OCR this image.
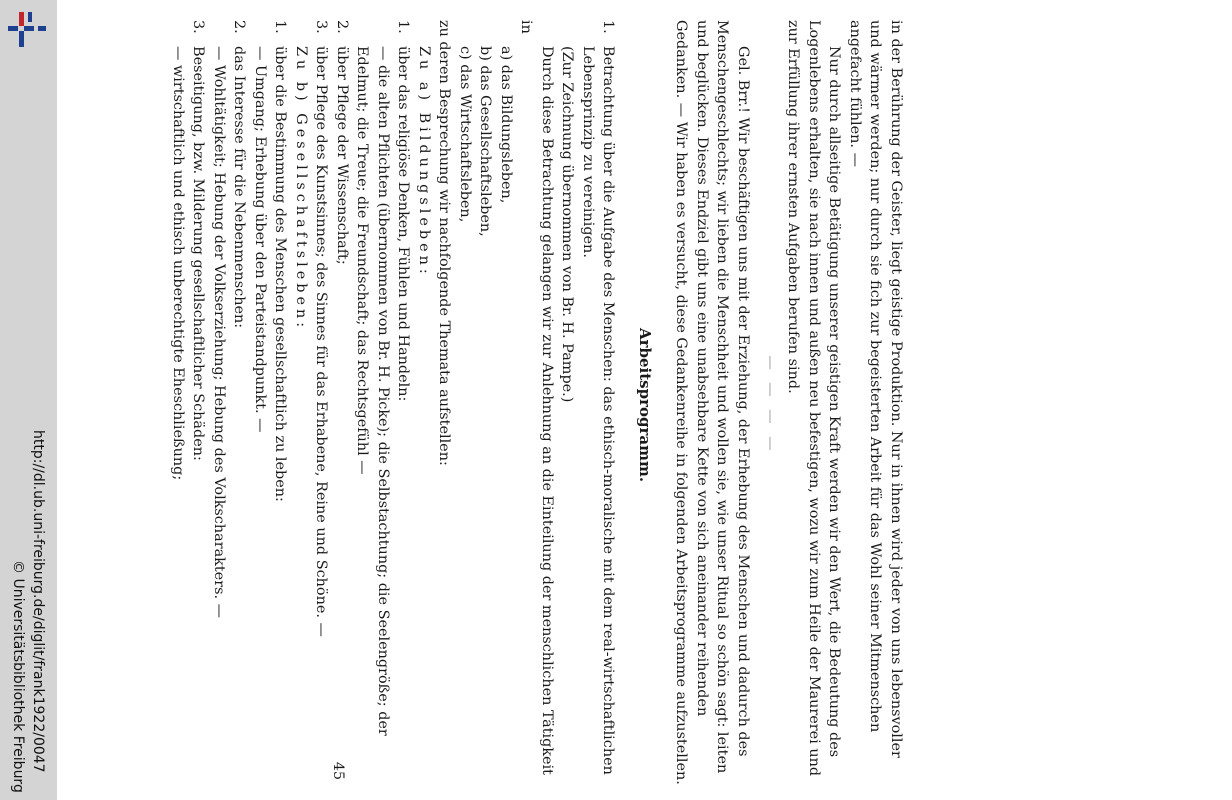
http://dl.ub.uni-freiburg.de/diglit/frank1922/0047
© Universitätsbibliothek Freiburg	in der Berührung der Geister, liegt geistige Produktion. Nur in ihnen wird jeder von uns lebensvoller und wärmer werden; nur durch sie fich zur begeisterten Arbeit für das Wohl seiner Mitmenschen angefacht fühlen. —

Nur durch allseitige Betätigung unserer geistigen Kraft werden wir den Wert, die Bedeutung des Logenlebens erhalten, sie nach innen und außen neu befestigen, wozu wir zum Heile der Maurerei und zur Erfüllung ihrer ernsten Aufgaben berufen sind.

— — — —

Gel. Brr.! Wir beschäftigen uns mit der Erziehung, der Erhebung des Menschen und dadurch des Menschengeschlechts; wir lieben die Menschheit und wollen sie, wie unser Ritual so schön sagt: leiten und beglücken. Dieses Endziel gibt uns eine unabsehbare Kette von sich aneinander reihenden Gedanken. — Wir haben es versucht, diese Gedankenreihe in folgenden Arbeitsprogramme aufzustellen.

Arbeitsprogramm.

1.
Betrachtung über die Aufgabe des Menschen: das ethisch-moralische mit dem real-wirtschaftlichen Lebensprinzip zu vereinigen.

(Zur Zeichnung übernommen von Br. H. Pampe.)

Durch diese Betrachtung gelangen wir zur Anlehnung an die Einteilung der menschlichen Tätigkeit in

a) das Bildungsleben,

b) das Gesellschaftsleben,

c) das Wirtschaftsleben,

zu deren Besprechung wir nachfolgende Themata aufstellen:

Zu a) Bildungsleben:

1.
über das religiöse Denken, Fühlen und Handeln:

— die alten Pflichten (übernommen von Br. H. Picke); die Selbstachtung; die Seelengröße; der Edelmut; die Treue; die Freundschaft; das Rechtsgefühl —

2.
über Pflege der Wissenschaft;
3.
über Pflege des Kunstsinnes; des Sinnes für das Erhabene, Reine und Schöne. —

Zu b) Gesellschaftsleben:

1.
über die Bestimmung des Menschen gesellschaftlich zu leben:

— Umgang; Erhebung über den Parteistandpunkt. —

2.
das Interesse für die Nebenmenschen:

— Wohltätigkeit; Hebung der Volkserziehung; Hebung des Volkscharakters. —

3.
Beseitigung, bzw. Milderung gesellschaftlicher Schäden:

— wirtschaftlich und ethisch unberechtigte Eheschließung;

45
